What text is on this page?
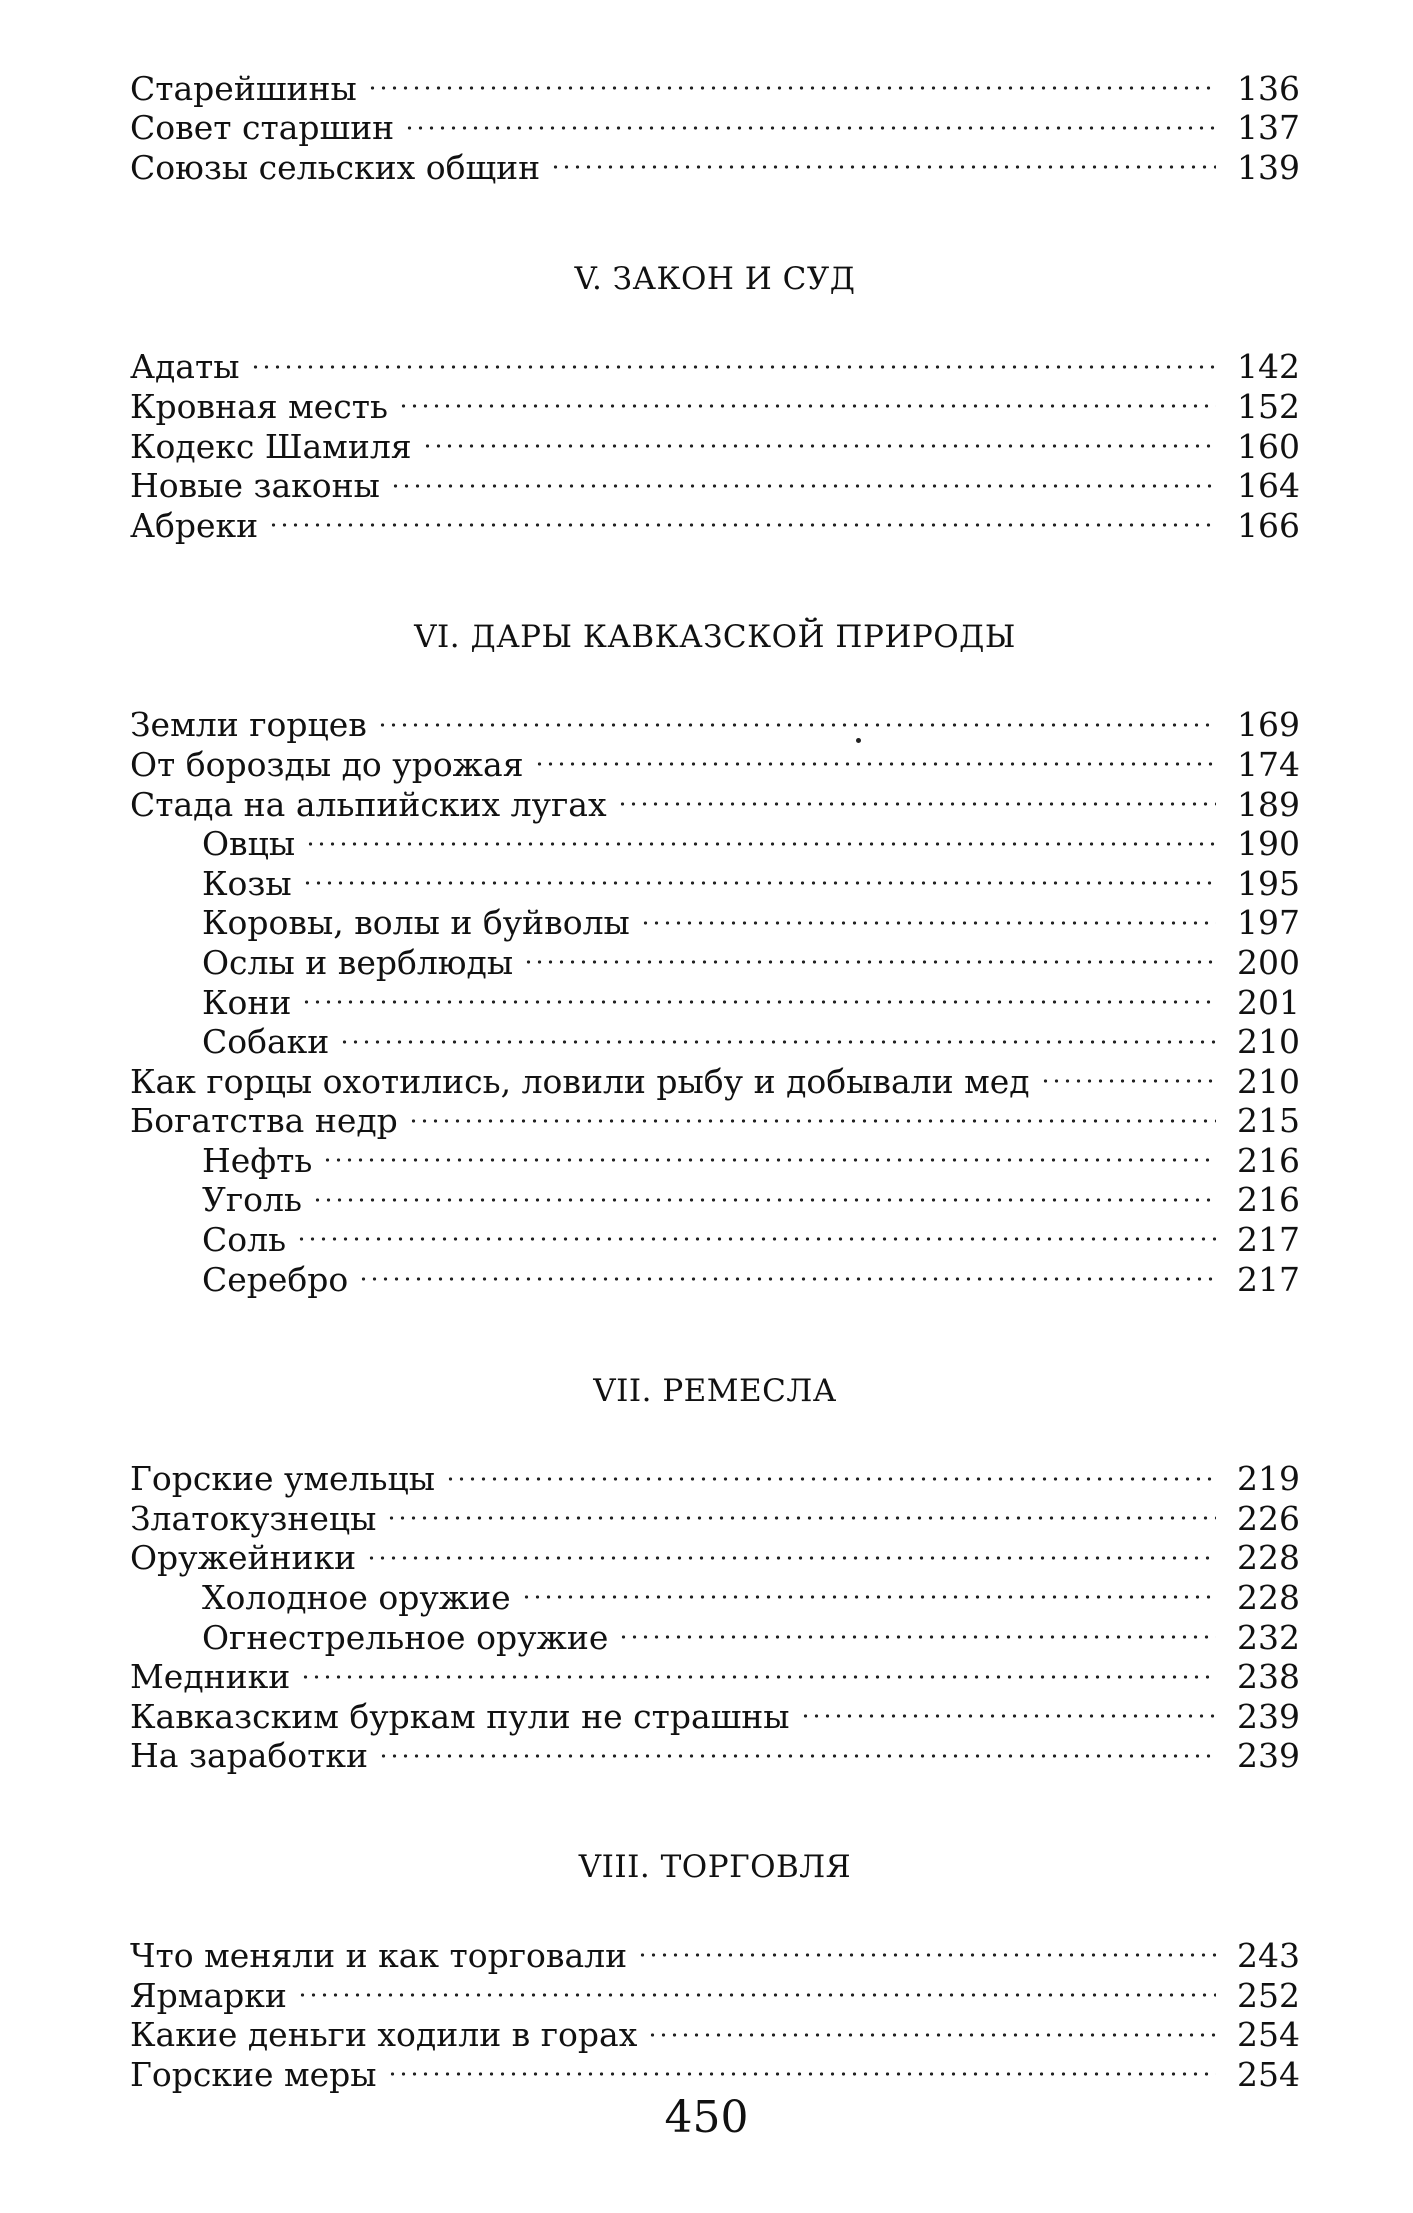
Старейшины	136
Совет старшин	137
Союзы сельских общин	139
V. ЗАКОН И СУД
Адаты	142
Кровная месть	152
Кодекс Шамиля	160
Новые законы	164
Абреки	166
VI. ДАРЫ КАВКАЗСКОЙ ПРИРОДЫ
Земли горцев	169
От борозды до урожая	174
Стада на альпийских лугах	189
Овцы	190
Козы	195
Коровы, волы и буйволы	197
Ослы и верблюды	200
Кони	201
Собаки	210
Как горцы охотились, ловили рыбу и добывали мед	210
Богатства недр	215
Нефть	216
Уголь	216
Соль	217
Серебро	217
VII. РЕМЕСЛА
Горские умельцы	219
Златокузнецы	226
Оружейники	228
Холодное оружие	228
Огнестрельное оружие	232
Медники	238
Кавказским буркам пули не страшны	239
На заработки	239
VIII. ТОРГОВЛЯ
Что меняли и как торговали	243
Ярмарки	252
Какие деньги ходили в горах	254
Горские меры	254
450
